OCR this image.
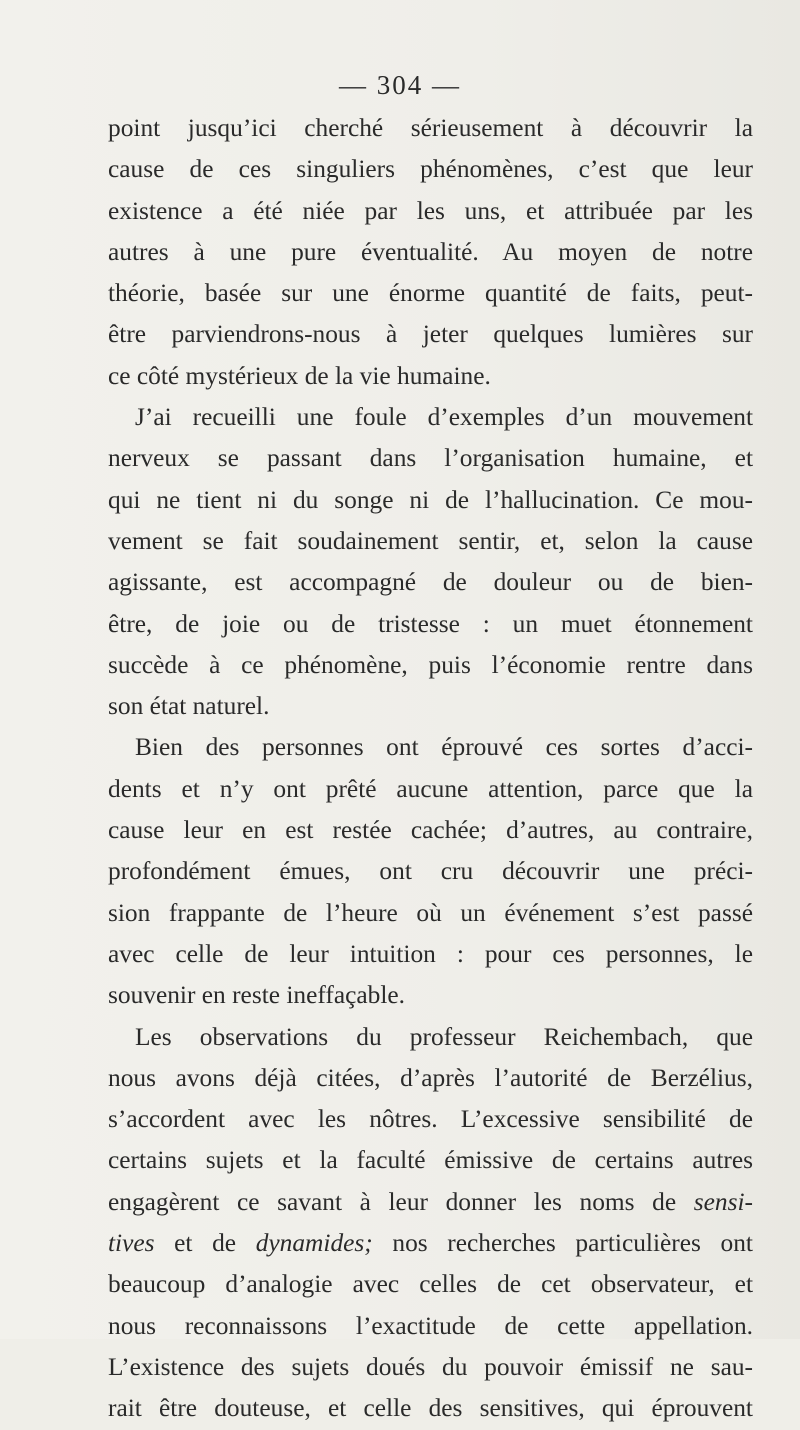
— 304 —

point jusqu’ici cherché sérieusement à découvrir la
cause de ces singuliers phénomènes, c’est que leur
existence a été niée par les uns, et attribuée par les
autres à une pure éventualité. Au moyen de notre
théorie, basée sur une énorme quantité de faits, peut-
être parviendrons-nous à jeter quelques lumières sur
ce côté mystérieux de la vie humaine.

J’ai recueilli une foule d’exemples d’un mouvement
nerveux se passant dans l’organisation humaine, et
qui ne tient ni du songe ni de l’hallucination. Ce mou-
vement se fait soudainement sentir, et, selon la cause
agissante, est accompagné de douleur ou de bien-
être, de joie ou de tristesse : un muet étonnement
succède à ce phénomène, puis l’économie rentre dans
son état naturel.

Bien des personnes ont éprouvé ces sortes d’acci-
dents et n’y ont prêté aucune attention, parce que la
cause leur en est restée cachée; d’autres, au contraire,
profondément émues, ont cru découvrir une préci-
sion frappante de l’heure où un événement s’est passé
avec celle de leur intuition : pour ces personnes, le
souvenir en reste ineffaçable.

Les observations du professeur Reichembach, que
nous avons déjà citées, d’après l’autorité de Berzélius,
s’accordent avec les nôtres. L’excessive sensibilité de
certains sujets et la faculté émissive de certains autres
engagèrent ce savant à leur donner les noms de sensi-
tives et de dynamides; nos recherches particulières ont
beaucoup d’analogie avec celles de cet observateur, et
nous reconnaissons l’exactitude de cette appellation.
L’existence des sujets doués du pouvoir émissif ne sau-
rait être douteuse, et celle des sensitives, qui éprouvent
